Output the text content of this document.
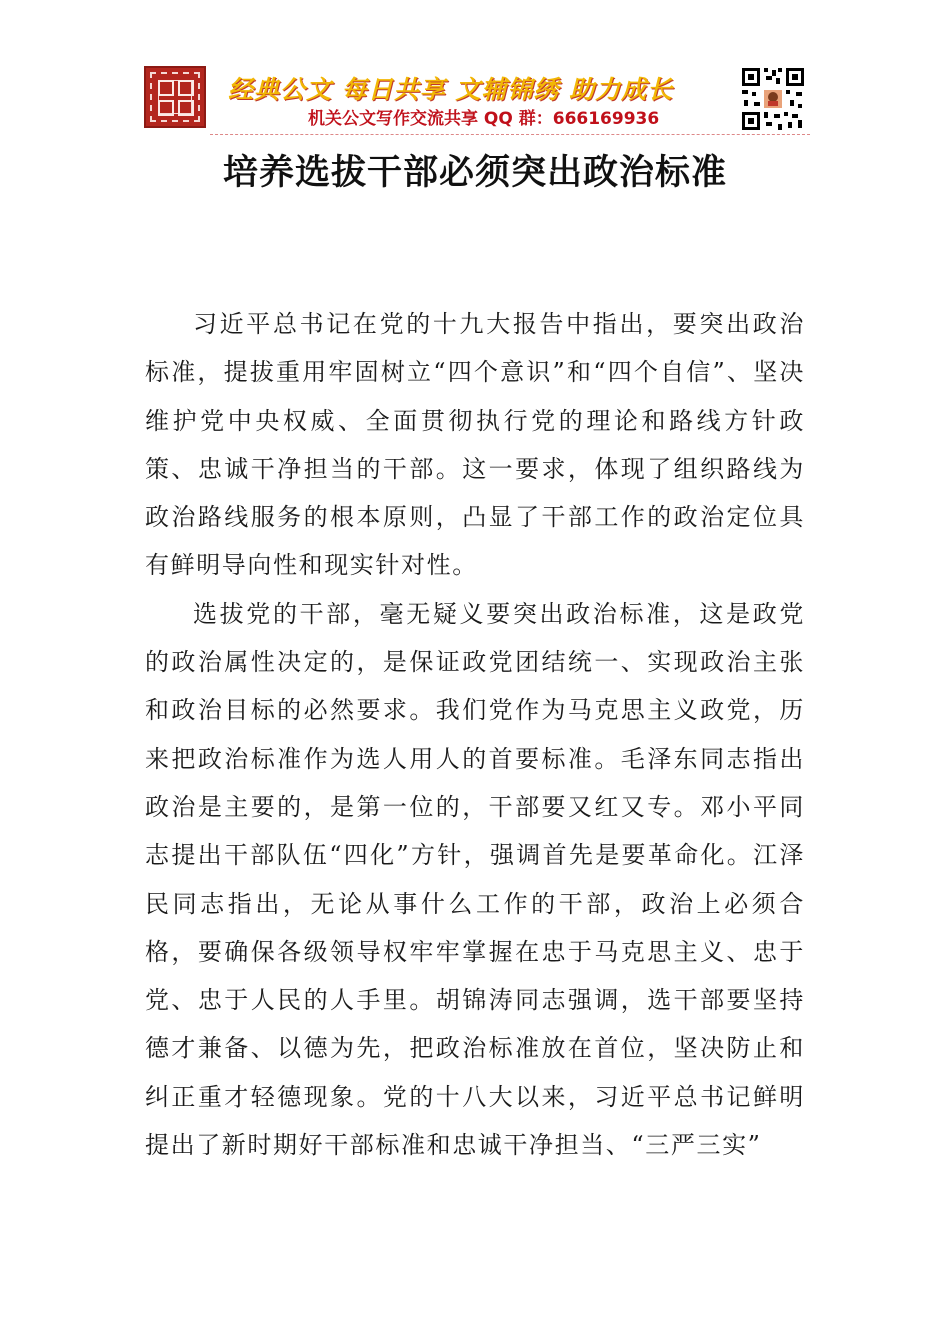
经典公文 每日共享 文辅锦绣 助力成长
机关公文写作交流共享 QQ 群：666169936
培养选拔干部必须突出政治标准

习近平总书记在党的十九大报告中指出，要突出政治标准，提拔重用牢固树立“四个意识”和“四个自信”、坚决维护党中央权威、全面贯彻执行党的理论和路线方针政策、忠诚干净担当的干部。这一要求，体现了组织路线为政治路线服务的根本原则，凸显了干部工作的政治定位具有鲜明导向性和现实针对性。

选拔党的干部，毫无疑义要突出政治标准，这是政党的政治属性决定的，是保证政党团结统一、实现政治主张和政治目标的必然要求。我们党作为马克思主义政党，历来把政治标准作为选人用人的首要标准。毛泽东同志指出政治是主要的，是第一位的，干部要又红又专。邓小平同志提出干部队伍“四化”方针，强调首先是要革命化。江泽民同志指出，无论从事什么工作的干部，政治上必须合格，要确保各级领导权牢牢掌握在忠于马克思主义、忠于党、忠于人民的人手里。胡锦涛同志强调，选干部要坚持德才兼备、以德为先，把政治标准放在首位，坚决防止和纠正重才轻德现象。党的十八大以来，习近平总书记鲜明提出了新时期好干部标准和忠诚干净担当、“三严三实”
